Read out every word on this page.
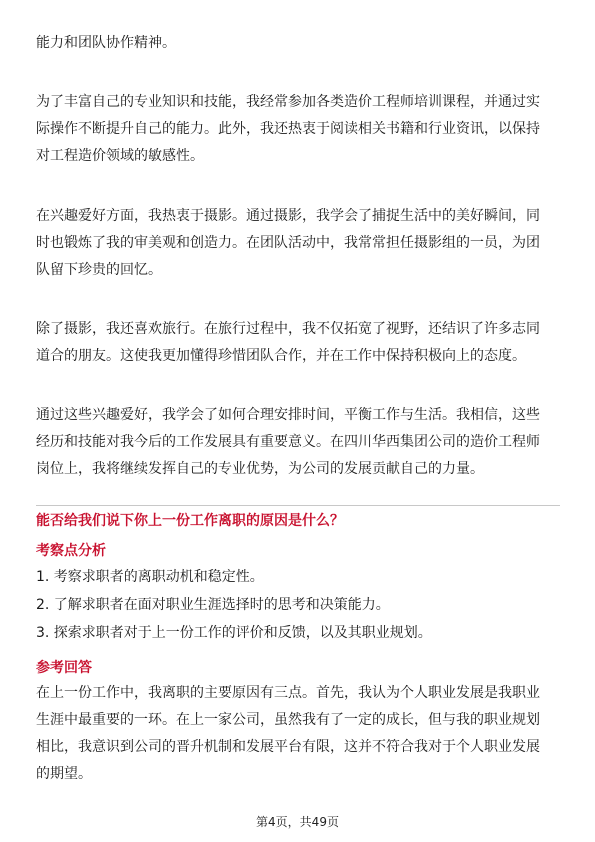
能力和团队协作精神。
为了丰富自己的专业知识和技能，我经常参加各类造价工程师培训课程，并通过实
际操作不断提升自己的能力。此外，我还热衷于阅读相关书籍和行业资讯，以保持
对工程造价领域的敏感性。
在兴趣爱好方面，我热衷于摄影。通过摄影，我学会了捕捉生活中的美好瞬间，同
时也锻炼了我的审美观和创造力。在团队活动中，我常常担任摄影组的一员，为团
队留下珍贵的回忆。
除了摄影，我还喜欢旅行。在旅行过程中，我不仅拓宽了视野，还结识了许多志同
道合的朋友。这使我更加懂得珍惜团队合作，并在工作中保持积极向上的态度。
通过这些兴趣爱好，我学会了如何合理安排时间，平衡工作与生活。我相信，这些
经历和技能对我今后的工作发展具有重要意义。在四川华西集团公司的造价工程师
岗位上，我将继续发挥自己的专业优势，为公司的发展贡献自己的力量。

能否给我们说下你上一份工作离职的原因是什么？

考察点分析

1. 考察求职者的离职动机和稳定性。

2. 了解求职者在面对职业生涯选择时的思考和决策能力。

3. 探索求职者对于上一份工作的评价和反馈，以及其职业规划。

参考回答

在上一份工作中，我离职的主要原因有三点。首先，我认为个人职业发展是我职业
生涯中最重要的一环。在上一家公司，虽然我有了一定的成长，但与我的职业规划
相比，我意识到公司的晋升机制和发展平台有限，这并不符合我对于个人职业发展
的期望。
第4页，共49页
